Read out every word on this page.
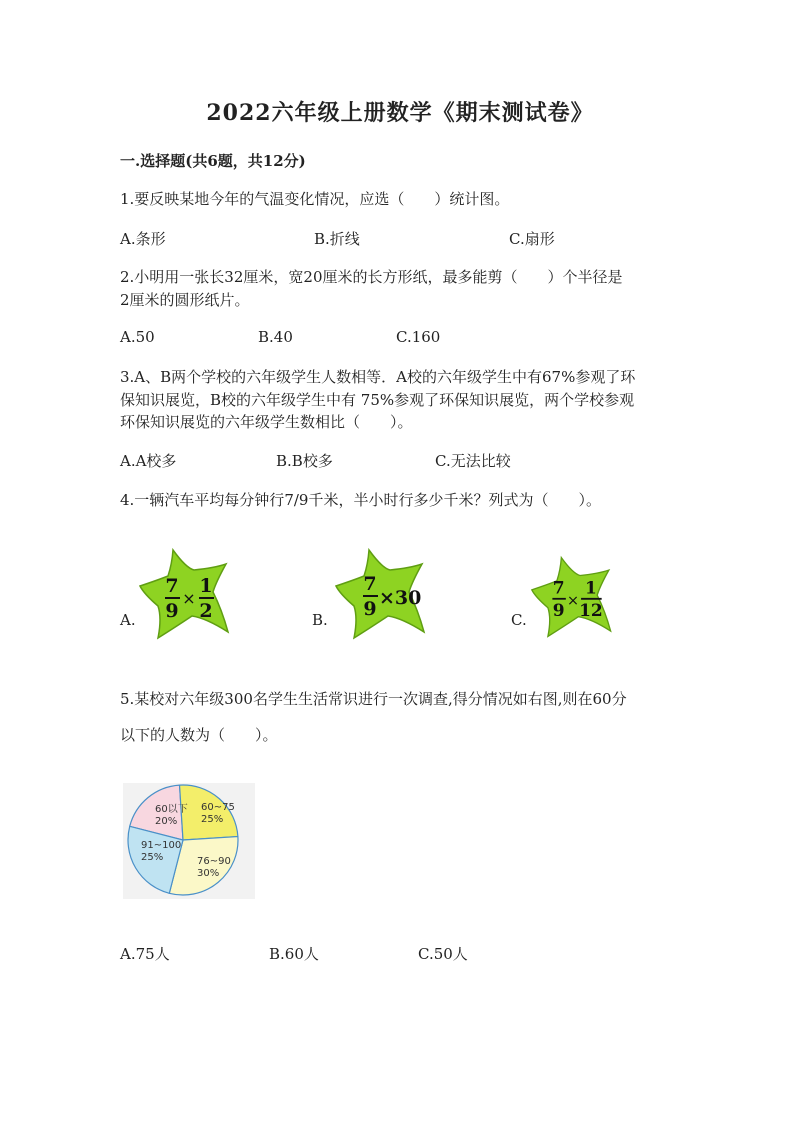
2022六年级上册数学《期末测试卷》
一.选择题(共6题，共12分)
1.要反映某地今年的气温变化情况，应选（　　）统计图。
A.条形	B.折线	C.扇形
2.小明用一张长32厘米，宽20厘米的长方形纸，最多能剪（　　）个半径是
2厘米的圆形纸片。
A.50	B.40	C.160
3.A、B两个学校的六年级学生人数相等．A校的六年级学生中有67%参观了环
保知识展览，B校的六年级学生中有 75%参观了环保知识展览，两个学校参观
环保知识展览的六年级学生数相比（　　）。
A.A校多	B.B校多	C.无法比较
4.一辆汽车平均每分钟行7/9千米，半小时行多少千米？列式为（　　）。
A.
7
9
×
1
2	B.
7
9 ×30
C.
7
9 ×
1
12
5.某校对六年级300名学生生活常识进行一次调查,得分情况如右图,则在60分
以下的人数为（　　）。
60以下
20%
60~75
25%
76~90
30%
91~100
25%
A.75人	B.60人	C.50人
